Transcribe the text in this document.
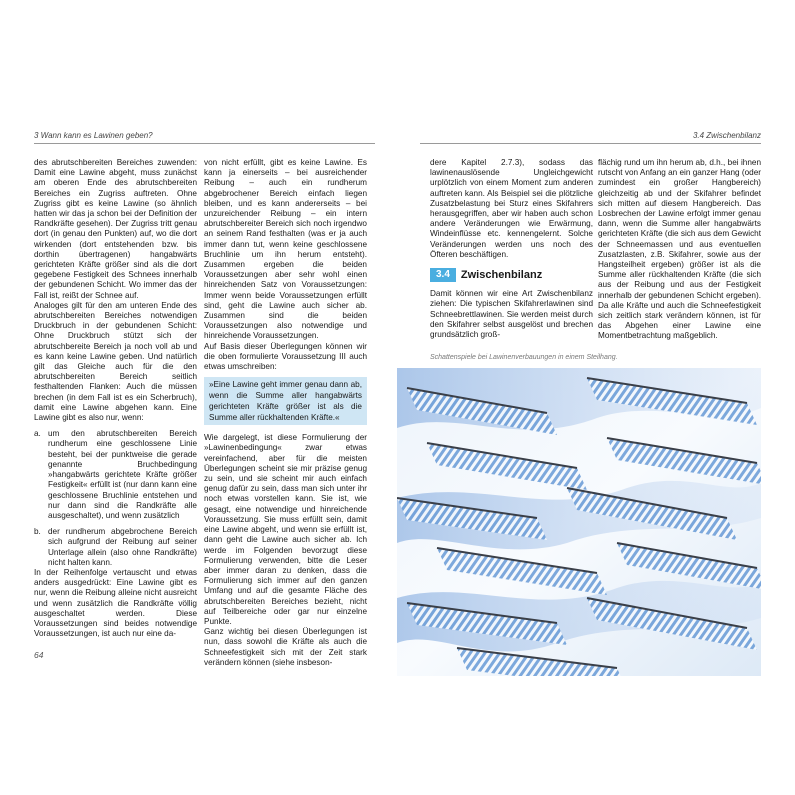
3 Wann kann es Lawinen geben?	3.4 Zwischenbilanz

des abrutschbereiten Bereiches zuwenden: Damit eine Lawine abgeht, muss zunächst am oberen Ende des abrutschbereiten Bereiches ein Zugriss auftreten. Ohne Zugriss gibt es keine Lawine (so ähnlich hatten wir das ja schon bei der Definition der Randkräfte gesehen). Der Zugriss tritt genau dort (in genau den Punkten) auf, wo die dort wirkenden (dort entstehenden bzw. bis dorthin übertragenen) hangabwärts gerichteten Kräfte größer sind als die dort gegebene Festigkeit des Schnees innerhalb der gebundenen Schicht. Wo immer das der Fall ist, reißt der Schnee auf.

Analoges gilt für den am unteren Ende des abrutschbereiten Bereiches notwendigen Druckbruch in der gebundenen Schicht: Ohne Druckbruch stützt sich der abrutschbereite Bereich ja noch voll ab und es kann keine Lawine geben. Und natürlich gilt das Gleiche auch für die den abrutschbereiten Bereich seitlich festhaltenden Flanken: Auch die müssen brechen (in dem Fall ist es ein Scherbruch), damit eine Lawine abgehen kann. Eine Lawine gibt es also nur, wenn:

a. um den abrutschbereiten Bereich rundherum eine geschlossene Linie besteht, bei der punktweise die gerade genannte Bruchbedingung »hangabwärts gerichtete Kräfte größer Festigkeit« erfüllt ist (nur dann kann eine geschlossene Bruchlinie entstehen und nur dann sind die Randkräfte alle ausgeschaltet), und wenn zusätzlich
b. der rundherum abgebrochene Bereich sich aufgrund der Reibung auf seiner Unterlage allein (also ohne Randkräfte) nicht halten kann.

In der Reihenfolge vertauscht und etwas anders ausgedrückt: Eine Lawine gibt es nur, wenn die Reibung alleine nicht ausreicht und wenn zusätzlich die Randkräfte völlig ausgeschaltet werden. Diese Voraussetzungen sind beides notwendige Voraussetzungen, ist auch nur eine da-

von nicht erfüllt, gibt es keine Lawine. Es kann ja einerseits – bei ausreichender Reibung – auch ein rundherum abgebrochener Bereich einfach liegen bleiben, und es kann andererseits – bei unzureichender Reibung – ein intern abrutschbereiter Bereich sich noch irgendwo an seinem Rand festhalten (was er ja auch immer dann tut, wenn keine geschlossene Bruchlinie um ihn herum entsteht). Zusammen ergeben die beiden Voraussetzungen aber sehr wohl einen hinreichenden Satz von Voraussetzungen: Immer wenn beide Voraussetzungen erfüllt sind, geht die Lawine auch sicher ab. Zusammen sind die beiden Voraussetzungen also notwendige und hinreichende Voraussetzungen.

Auf Basis dieser Überlegungen können wir die oben formulierte Voraussetzung III auch etwas umschreiben:

»Eine Lawine geht immer genau dann ab, wenn die Summe aller hangabwärts gerichteten Kräfte größer ist als die Summe aller rückhaltenden Kräfte.«

Wie dargelegt, ist diese Formulierung der »Lawinenbedingung« zwar etwas vereinfachend, aber für die meisten Überlegungen scheint sie mir präzise genug zu sein, und sie scheint mir auch einfach genug dafür zu sein, dass man sich unter ihr noch etwas vorstellen kann. Sie ist, wie gesagt, eine notwendige und hinreichende Voraussetzung. Sie muss erfüllt sein, damit eine Lawine abgeht, und wenn sie erfüllt ist, dann geht die Lawine auch sicher ab. Ich werde im Folgenden bevorzugt diese Formulierung verwenden, bitte die Leser aber immer daran zu denken, dass die Formulierung sich immer auf den ganzen Umfang und auf die gesamte Fläche des abrutschbereiten Bereiches bezieht, nicht auf Teilbereiche oder gar nur einzelne Punkte.

Ganz wichtig bei diesen Überlegungen ist nun, dass sowohl die Kräfte als auch die Schneefestigkeit sich mit der Zeit stark verändern können (siehe insbeson-

dere Kapitel 2.7.3), sodass das lawinenauslösende Ungleichgewicht urplötzlich von einem Moment zum anderen auftreten kann. Als Beispiel sei die plötzliche Zusatzbelastung bei Sturz eines Skifahrers herausgegriffen, aber wir haben auch schon andere Veränderungen wie Erwärmung, Windeinflüsse etc. kennengelernt. Solche Veränderungen werden uns noch des Öfteren beschäftigen.

3.4	Zwischenbilanz

Damit können wir eine Art Zwischenbilanz ziehen: Die typischen Skifahrerlawinen sind Schneebrettlawinen. Sie werden meist durch den Skifahrer selbst ausgelöst und brechen grundsätzlich groß-

flächig rund um ihn herum ab, d.h., bei ihnen rutscht von Anfang an ein ganzer Hang (oder zumindest ein großer Hangbereich) gleichzeitig ab und der Skifahrer befindet sich mitten auf diesem Hangbereich. Das Losbrechen der Lawine erfolgt immer genau dann, wenn die Summe aller hangabwärts gerichteten Kräfte (die sich aus dem Gewicht der Schneemassen und aus eventuellen Zusatzlasten, z.B. Skifahrer, sowie aus der Hangsteilheit ergeben) größer ist als die Summe aller rückhaltenden Kräfte (die sich aus der Reibung und aus der Festigkeit innerhalb der gebundenen Schicht ergeben). Da alle Kräfte und auch die Schneefestigkeit sich zeitlich stark verändern können, ist für das Abgehen einer Lawine eine Momentbetrachtung maßgeblich.

Schattenspiele bei Lawinenverbauungen in einem Steilhang.
64
